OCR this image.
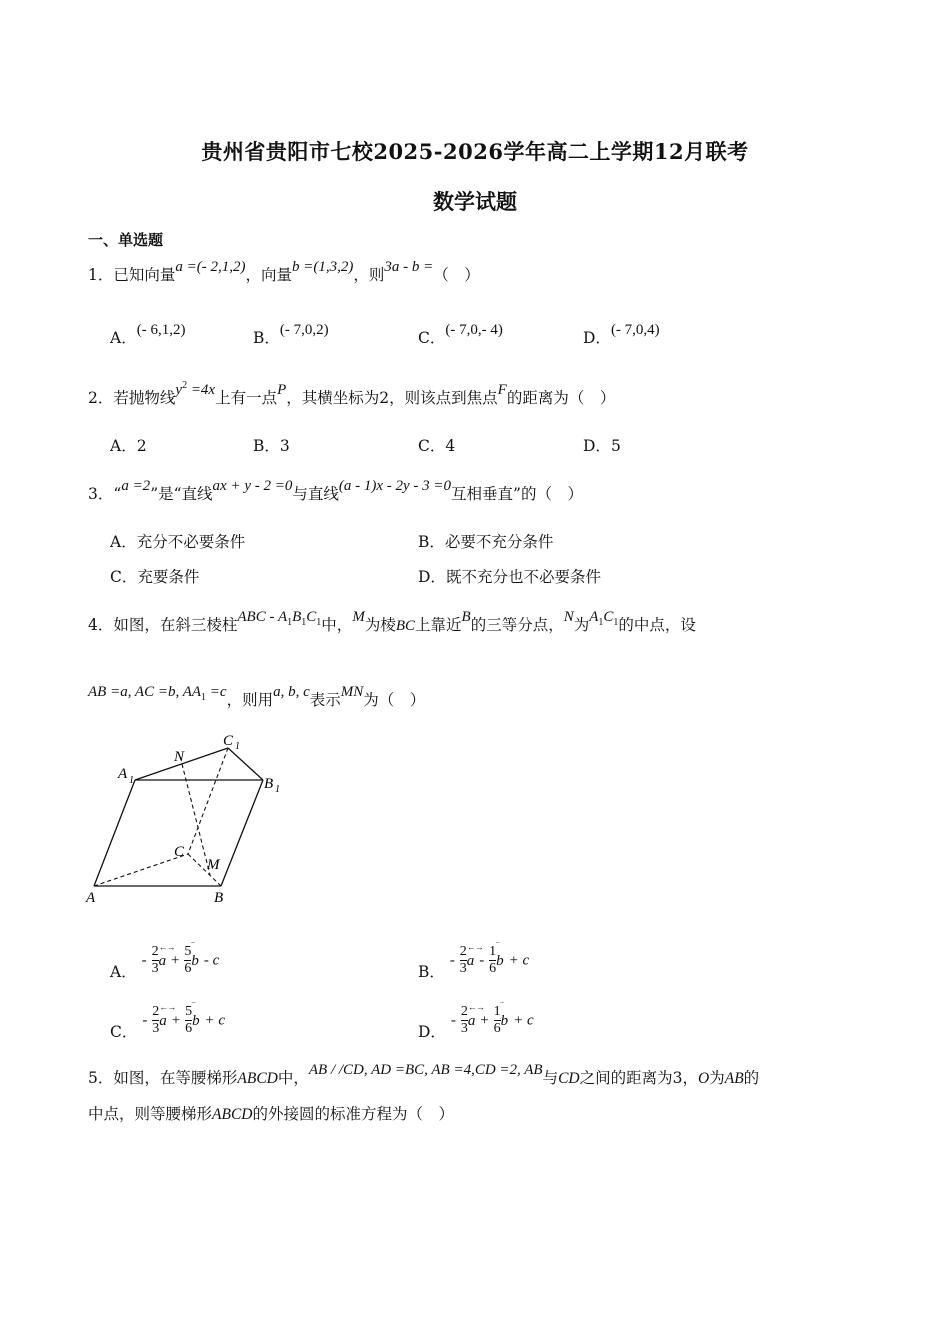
贵州省贵阳市七校2025-2026学年高二上学期12月联考
数学试题
一、单选题
1．已知向量a =(- 2,1,2)，向量b =(1,3,2)，则3a - b =（　）
A．(- 6,1,2)	B．(- 7,0,2)	C．(- 7,0,- 4)	D．(- 7,0,4)
2．若抛物线$y^2 =4x$上有一点P，其横坐标为2，则该点到焦点F的距离为（　）
A．2	B．3	C．4	D．5
3．“a =2”是“直线ax + y - 2 =0与直线(a - 1)x - 2y - 3 =0互相垂直”的（　）
A．充分不必要条件	B．必要不充分条件
C．充要条件	D．既不充分也不必要条件
4．如图，在斜三棱柱ABC - $A_1B_1C_1$中，M为棱BC上靠近B的三等分点，N为$A_1C_1$的中点，设
AB =a, AC =b, $AA_1 =c$，则用a, b, c表示MN为（　）
A 1
N
C 1
B 1
C
M
A	B
A． - $\frac{2}{3}$ ←→
$a + \frac{5}{6}$ ‾
b - c
B． - $\frac{2}{3}$ ←→
a - $\frac{1}{6}$ ‾
b + c
C． - $\frac{2}{3}$ ←→
$a + \frac{5}{6}$ ‾
b + c
D． - $\frac{2}{3}$ ←→
$a + \frac{1}{6}$ ‾
b + c
5．如图，在等腰梯形ABCD中，AB / /CD, AD =BC, AB =4,CD =2, AB与CD之间的距离为3，O为AB的
中点，则等腰梯形ABCD的外接圆的标准方程为（　）
